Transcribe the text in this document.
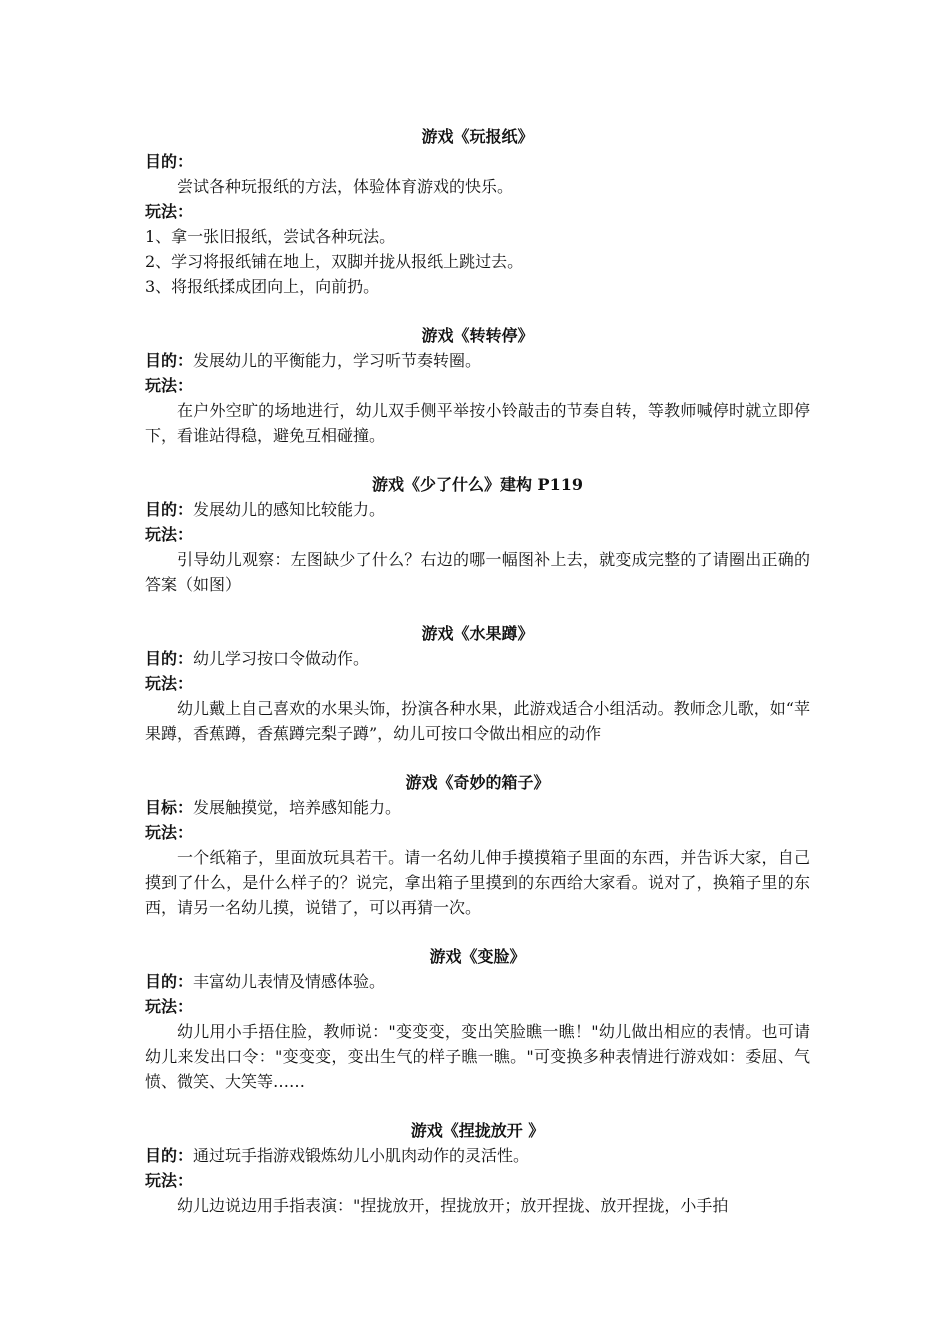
游戏《玩报纸》

目的：

尝试各种玩报纸的方法，体验体育游戏的快乐。

玩法：

1、拿一张旧报纸，尝试各种玩法。

2、学习将报纸铺在地上，双脚并拢从报纸上跳过去。

3、将报纸揉成团向上，向前扔。

游戏《转转停》

目的：发展幼儿的平衡能力，学习听节奏转圈。

玩法：

在户外空旷的场地进行，幼儿双手侧平举按小铃敲击的节奏自转，等教师喊停时就立即停下，看谁站得稳，避免互相碰撞。

游戏《少了什么》建构 P119

目的：发展幼儿的感知比较能力。

玩法：

引导幼儿观察：左图缺少了什么？右边的哪一幅图补上去，就变成完整的了请圈出正确的答案（如图）

游戏《水果蹲》

目的：幼儿学习按口令做动作。

玩法：

幼儿戴上自己喜欢的水果头饰，扮演各种水果，此游戏适合小组活动。教师念儿歌，如“苹果蹲，香蕉蹲，香蕉蹲完梨子蹲”，幼儿可按口令做出相应的动作

游戏《奇妙的箱子》

目标：发展触摸觉，培养感知能力。

玩法：

一个纸箱子，里面放玩具若干。请一名幼儿伸手摸摸箱子里面的东西，并告诉大家，自己摸到了什么，是什么样子的？说完，拿出箱子里摸到的东西给大家看。说对了，换箱子里的东西，请另一名幼儿摸，说错了，可以再猜一次。

游戏《变脸》

目的：丰富幼儿表情及情感体验。

玩法：

幼儿用小手捂住脸，教师说："变变变，变出笑脸瞧一瞧！"幼儿做出相应的表情。也可请幼儿来发出口令："变变变，变出生气的样子瞧一瞧。"可变换多种表情进行游戏如：委屈、气愤、微笑、大笑等……

游戏《捏拢放开 》

目的：通过玩手指游戏锻炼幼儿小肌肉动作的灵活性。

玩法：

幼儿边说边用手指表演："捏拢放开，捏拢放开；放开捏拢、放开捏拢，小手拍
